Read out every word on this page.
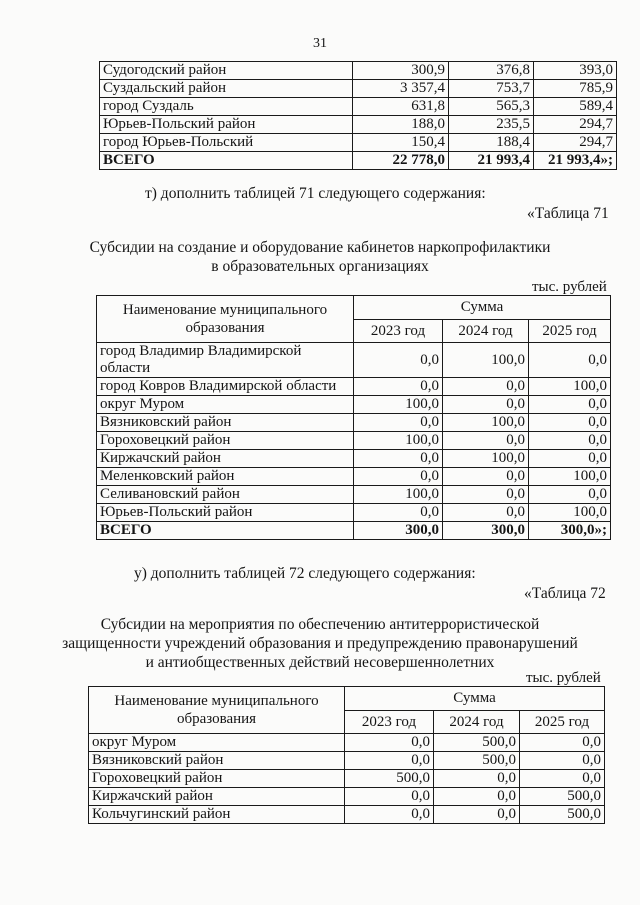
31
Судогодский район	300,9	376,8	393,0
Суздальский район	3 357,4	753,7	785,9
город Суздаль	631,8	565,3	589,4
Юрьев-Польский район	188,0	235,5	294,7
город Юрьев-Польский	150,4	188,4	294,7
ВСЕГО	22 778,0	21 993,4	21 993,4»;
т) дополнить таблицей 71 следующего содержания:
«Таблица 71
Субсидии на создание и оборудование кабинетов наркопрофилактики
в образовательных организациях
тыс. рублей
Наименование муниципального
образования	Сумма		
	2023 год	2024 год	2025 год

город Владимир Владимирской
области	0,0	100,0	0,0
город Ковров Владимирской области	0,0	0,0	100,0
округ Муром	100,0	0,0	0,0
Вязниковский район	0,0	100,0	0,0
Гороховецкий район	100,0	0,0	0,0
Киржачский район	0,0	100,0	0,0
Меленковский район	0,0	0,0	100,0
Селивановский район	100,0	0,0	0,0
Юрьев-Польский район	0,0	0,0	100,0
ВСЕГО	300,0	300,0	300,0»;
у) дополнить таблицей 72 следующего содержания:
«Таблица 72
Субсидии на мероприятия по обеспечению антитеррористической
защищенности учреждений образования и предупреждению правонарушений
и антиобщественных действий несовершеннолетних
тыс. рублей
Наименование муниципального
образования	Сумма		
	2023 год	2024 год	2025 год
округ Муром	0,0	500,0	0,0
Вязниковский район	0,0	500,0	0,0
Гороховецкий район	500,0	0,0	0,0
Киржачский район	0,0	0,0	500,0
Кольчугинский район	0,0	0,0	500,0
